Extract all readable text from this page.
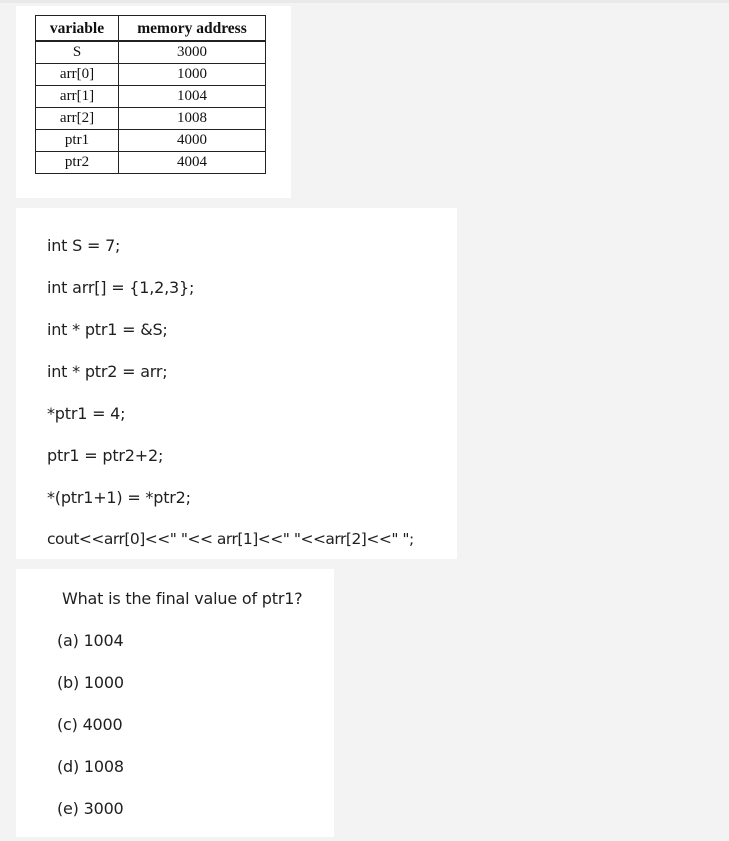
variable	memory address
S	3000
arr[0]	1000
arr[1]	1004
arr[2]	1008
ptr1	4000
ptr2	4004
int S = 7;
int arr[] = {1,2,3};
int * ptr1 = &S;
int * ptr2 = arr;
*ptr1 = 4;
ptr1 = ptr2+2;
*(ptr1+1) = *ptr2;
cout<<arr[0]<<" "<< arr[1]<<" "<<arr[2]<<" ";
What is the final value of ptr1?
(a) 1004
(b) 1000
(c) 4000
(d) 1008
(e) 3000
